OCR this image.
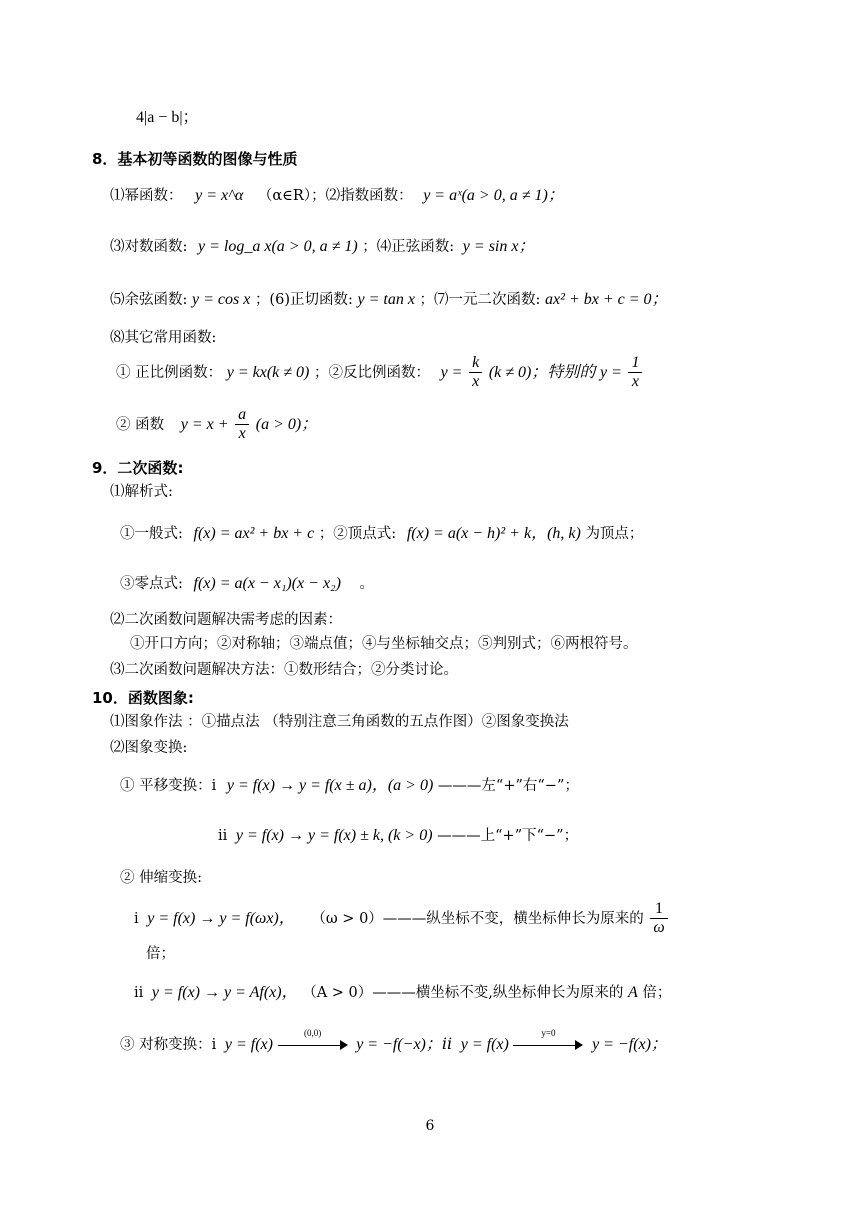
4|a − b|；
8．基本初等函数的图像与性质
⑴幂函数： y = x^α （α∈R）；⑵指数函数： y = aˣ(a > 0, a ≠ 1)；
⑶对数函数: y = log_a x(a > 0, a ≠ 1) ；⑷正弦函数: y = sin x；
⑸余弦函数: y = cos x ；(6)正切函数: y = tan x ；⑺一元二次函数: ax² + bx + c = 0；
⑻其它常用函数:
① 正比例函数： y = kx(k ≠ 0) ；②反比例函数： $y = \frac{k}{x} (k \ne 0)$；特别的 $y = \frac{1}{x}$
② 函数 $y = x + \frac{a}{x} (a > 0)$；
9．二次函数:
⑴解析式:
①一般式: f(x) = ax² + bx + c ；②顶点式: f(x) = a(x − h)² + k，(h, k) 为顶点；
③零点式: f(x) = a(x − x₁)(x − x₂) 。
⑵二次函数问题解决需考虑的因素：
①开口方向；②对称轴；③端点值；④与坐标轴交点；⑤判别式；⑥两根符号。
⑶二次函数问题解决方法：①数形结合；②分类讨论。
10．函数图象:
⑴图象作法 ：①描点法 （特别注意三角函数的五点作图）②图象变换法
⑵图象变换:
① 平移变换：ⅰ y = f(x) → y = f(x ± a)，(a > 0) ———左“+”右“−”；
ⅱ y = f(x) → y = f(x) ± k, (k > 0) ———上“+”下“−”；
② 伸缩变换:
ⅰ y = f(x) → y = f(ωx)， （ω > 0）———纵坐标不变，横坐标伸长为原来的 $\frac{1}{\omega}$
倍；
ⅱ y = f(x) → y = Af(x)， （A > 0）———横坐标不变,纵坐标伸长为原来的 A 倍；
③ 对称变换：ⅰ y = f(x)
(0,0)
y = −f(−x)；ⅱ y = f(x)
y=0
y = −f(x)；
6
